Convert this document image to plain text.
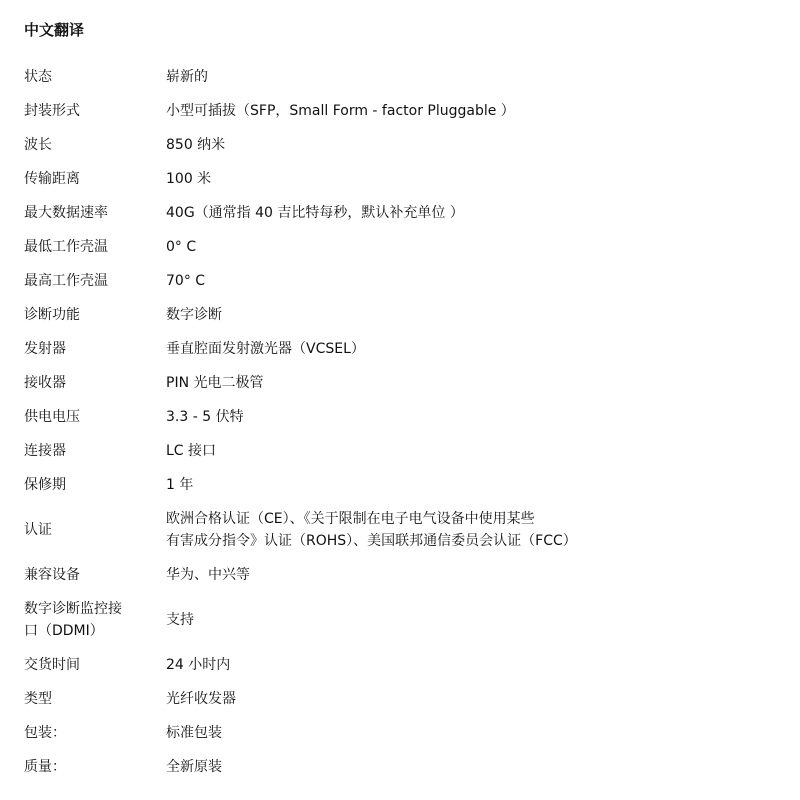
中文翻译
状态	崭新的
封装形式	小型可插拔（SFP，Small Form - factor Pluggable ）
波长	850 纳米
传输距离	100 米
最大数据速率	40G（通常指 40 吉比特每秒，默认补充单位 ）
最低工作壳温	0° C
最高工作壳温	70° C
诊断功能	数字诊断
发射器	垂直腔面发射激光器（VCSEL）
接收器	PIN 光电二极管
供电电压	3.3 - 5 伏特
连接器	LC 接口
保修期	1 年
认证	欧洲合格认证（CE）、《关于限制在电子电气设备中使用某些
有害成分指令》认证（ROHS）、美国联邦通信委员会认证（FCC）

兼容设备	华为、中兴等

数字诊断监控接
口（DDMI）	支持
交货时间	24 小时内
类型	光纤收发器
包装：	标准包装
质量：	全新原装
